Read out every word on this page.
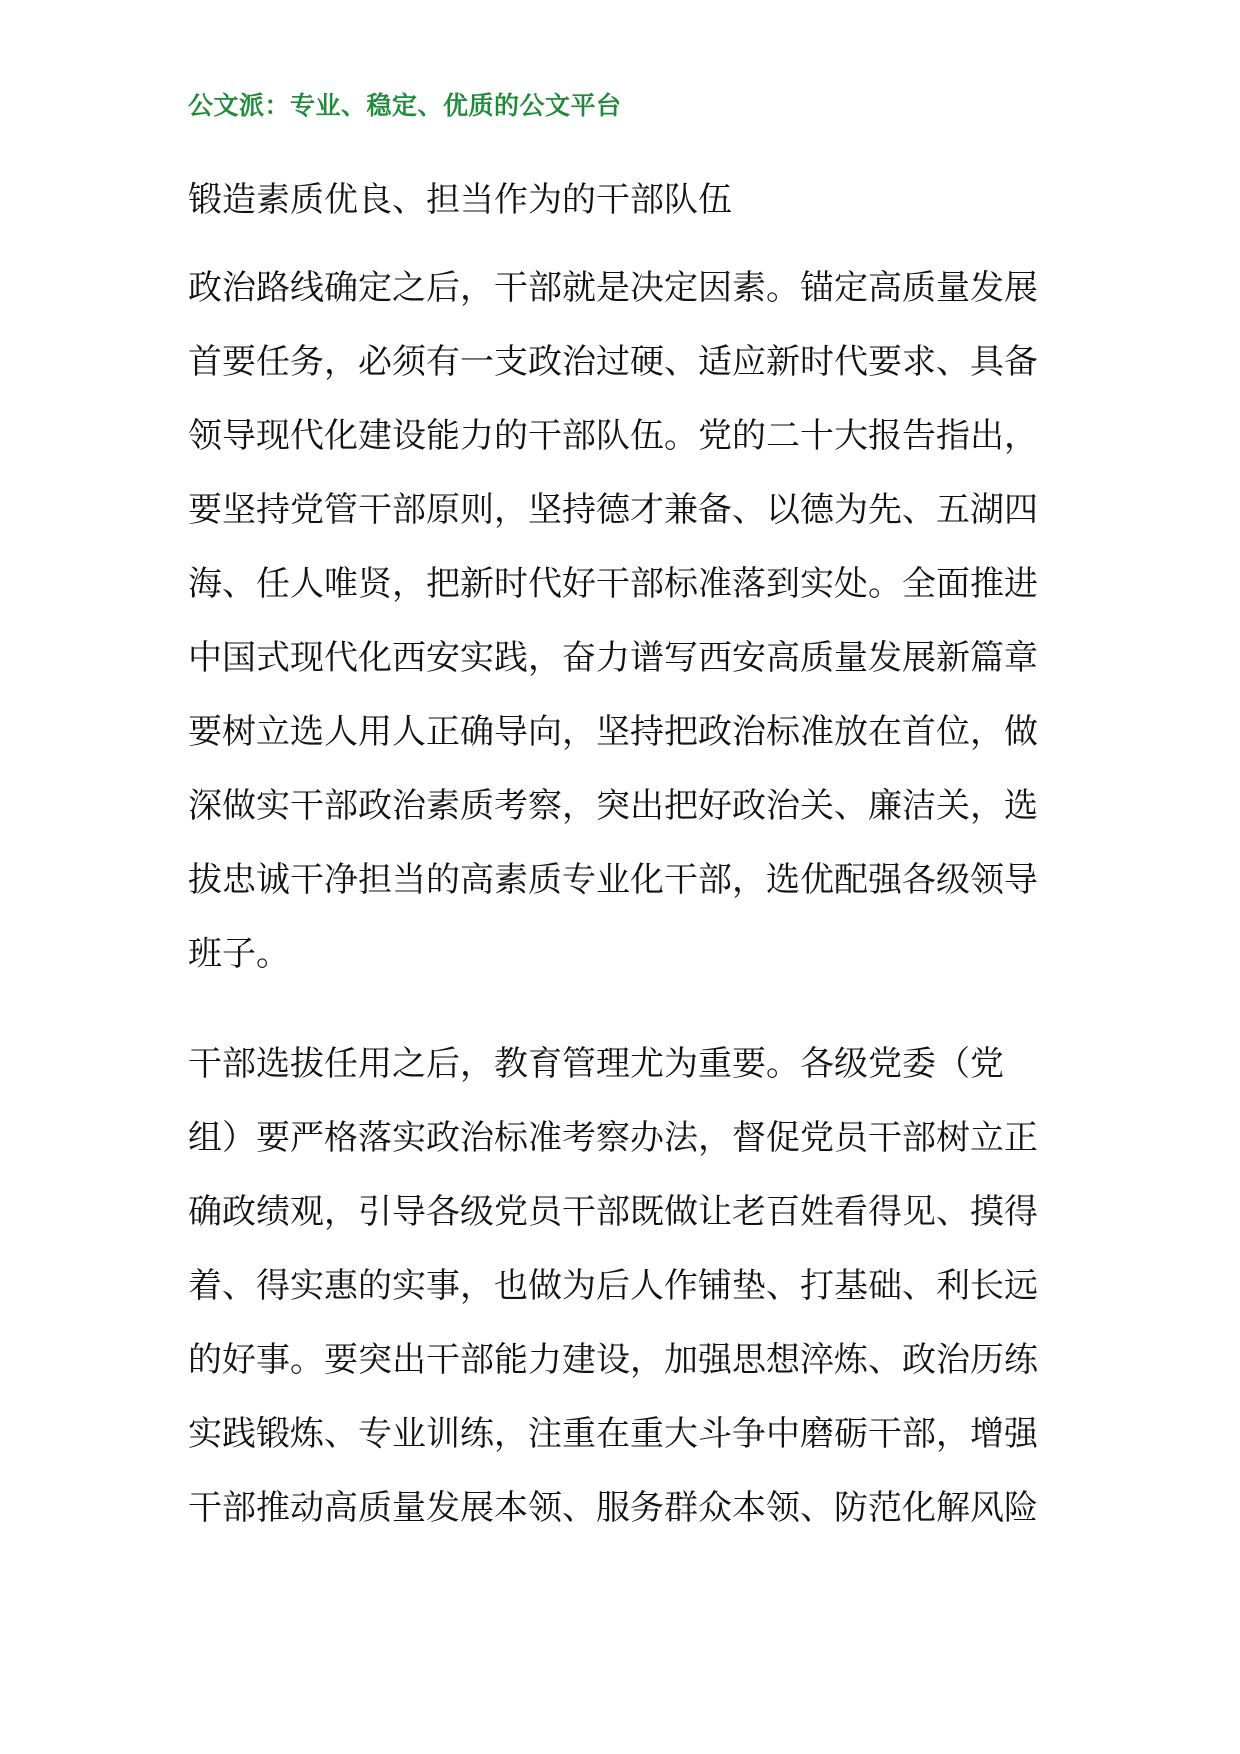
公文派：专业、稳定、优质的公文平台
锻造素质优良、担当作为的干部队伍
政治路线确定之后，干部就是决定因素。锚定高质量发展
首要任务，必须有一支政治过硬、适应新时代要求、具备
领导现代化建设能力的干部队伍。党的二十大报告指出，
要坚持党管干部原则，坚持德才兼备、以德为先、五湖四
海、任人唯贤，把新时代好干部标准落到实处。全面推进
中国式现代化西安实践，奋力谱写西安高质量发展新篇章
要树立选人用人正确导向，坚持把政治标准放在首位，做
深做实干部政治素质考察，突出把好政治关、廉洁关，选
拔忠诚干净担当的高素质专业化干部，选优配强各级领导
班子。
干部选拔任用之后，教育管理尤为重要。各级党委（党
组）要严格落实政治标准考察办法，督促党员干部树立正
确政绩观，引导各级党员干部既做让老百姓看得见、摸得
着、得实惠的实事，也做为后人作铺垫、打基础、利长远
的好事。要突出干部能力建设，加强思想淬炼、政治历练
实践锻炼、专业训练，注重在重大斗争中磨砺干部，增强
干部推动高质量发展本领、服务群众本领、防范化解风险
